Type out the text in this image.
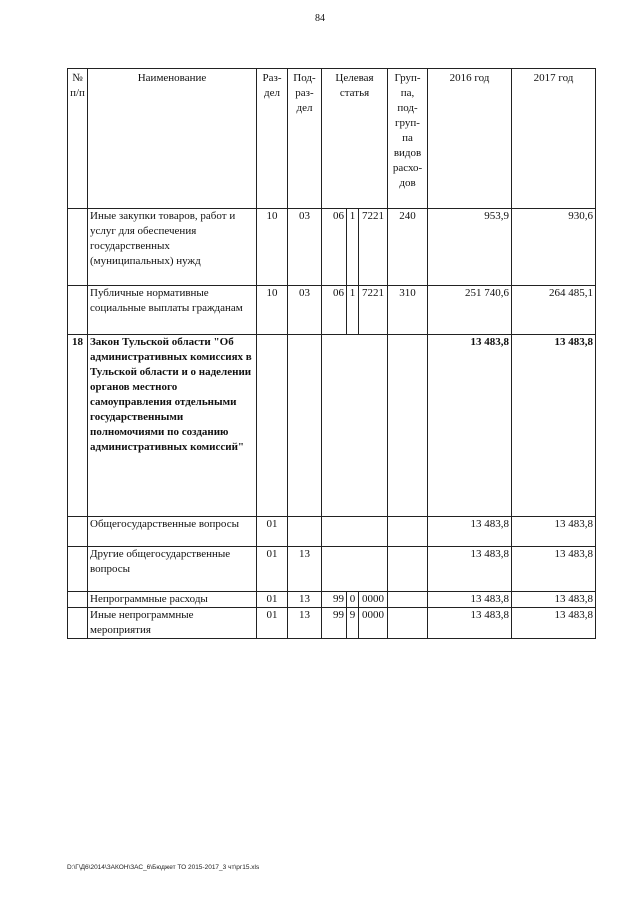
84
№ п/п	Наименование	Раз-дел	Под-раз-дел	Целевая статья			Груп-па, под-груп-па видов расхо-дов	2016 год	2017 год
	Иные закупки товаров, работ и услуг для обеспечения государственных (муниципальных) нужд	10	03	06	1	7221	240	953,9	930,6
	Публичные нормативные социальные выплаты гражданам	10	03	06	1	7221	310	251 740,6	264 485,1
18	Закон Тульской области "Об административных комиссиях в Тульской области и о наделении органов местного самоуправления отдельными государственными полномочиями по созданию административных комиссий"							13 483,8	13 483,8
	Общегосударственные вопросы	01						13 483,8	13 483,8
	Другие общегосударственные вопросы	01	13					13 483,8	13 483,8
	Непрограммные расходы	01	13	99	0	0000		13 483,8	13 483,8
	Иные непрограммные мероприятия	01	13	99	9	0000		13 483,8	13 483,8
D:\Г\Д6\2014\ЗАКОН\ЗАС_6\Бюджет ТО 2015-2017_3 чт\рг15.xls
